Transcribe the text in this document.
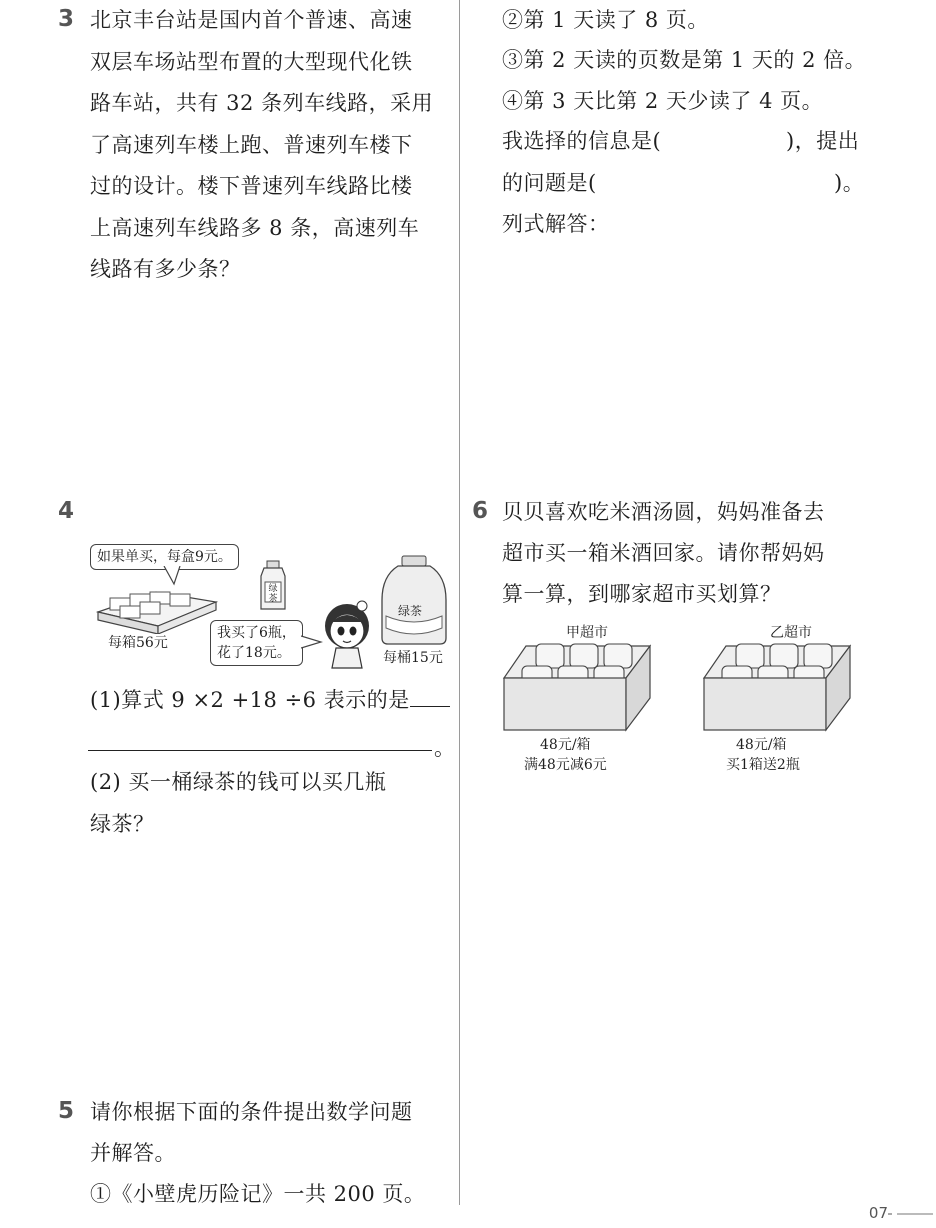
3 北京丰台站是国内首个普速、高速
双层车场站型布置的大型现代化铁
路车站，共有 32 条列车线路，采用
了高速列车楼上跑、普速列车楼下
过的设计。楼下普速列车线路比楼
上高速列车线路多 8 条，高速列车
线路有多少条？
4
如果单买，每盒9元。
每箱56元
绿茶
我买了6瓶，
花了18元。
绿茶
每桶15元
(1)算式 9 ×2 +18 ÷6 表示的是
。
(2) 买一桶绿茶的钱可以买几瓶
绿茶？
5 请你根据下面的条件提出数学问题
并解答。
①《小壁虎历险记》一共 200 页。
②第 1 天读了 8 页。
③第 2 天读的页数是第 1 天的 2 倍。
④第 3 天比第 2 天少读了 4 页。
我选择的信息是(	)，提出
的问题是(	)。
列式解答：
6 贝贝喜欢吃米酒汤圆，妈妈准备去
超市买一箱米酒回家。请你帮妈妈
算一算，到哪家超市买划算？
甲超市
48元/箱
满48元减6元
乙超市
48元/箱
买1箱送2瓶
07
